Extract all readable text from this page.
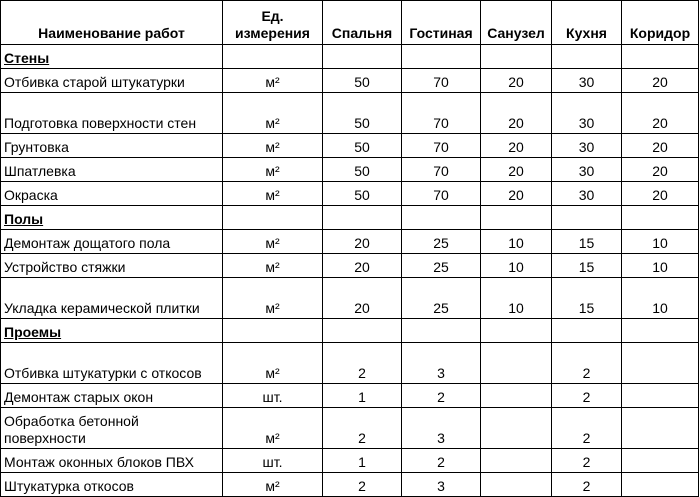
Наименование работ	Ед. измерения	Спальня	Гостиная	Санузел	Кухня	Коридор
Стены						
Отбивка старой штукатурки	м²	50	70	20	30	20
Подготовка поверхности стен	м²	50	70	20	30	20
Грунтовка	м²	50	70	20	30	20
Шпатлевка	м²	50	70	20	30	20
Окраска	м²	50	70	20	30	20
Полы						
Демонтаж дощатого пола	м²	20	25	10	15	10
Устройство стяжки	м²	20	25	10	15	10
Укладка керамической плитки	м²	20	25	10	15	10
Проемы						
Отбивка штукатурки с откосов	м²	2	3		2	
Демонтаж старых окон	шт.	1	2		2	
Обработка бетонной поверхности	м²	2	3		2	
Монтаж оконных блоков ПВХ	шт.	1	2		2	
Штукатурка откосов	м²	2	3		2	
